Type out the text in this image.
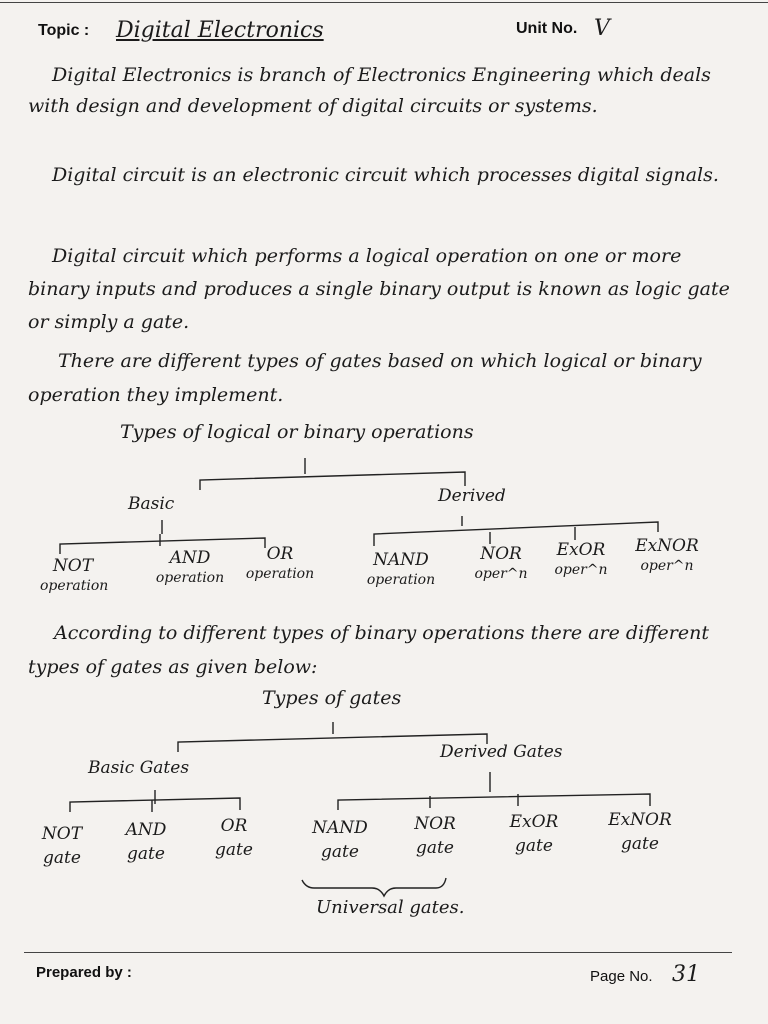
Topic : Digital Electronics	Unit No. V
Digital Electronics is branch of Electronics Engineering which deals with design and development of digital circuits or systems.
Digital circuit is an electronic circuit which processes digital signals.
Digital circuit which performs a logical operation on one or more binary inputs and produces a single binary output is known as logic gate or simply a gate.
There are different types of gates based on which logical or binary operation they implement.
Types of logical or binary operations
Basic	Derived
NOT
operation
AND
operation
OR
operation
NAND
operation
NOR
oper^n
ExOR
oper^n
ExNOR
oper^n
According to different types of binary operations there are different types of gates as given below:
Types of gates
Basic Gates
Derived Gates
NOT
gate
AND
gate
OR
gate
NAND
gate
NOR
gate
ExOR
gate
ExNOR
gate
Universal gates.
Prepared by :	Page No. 31
